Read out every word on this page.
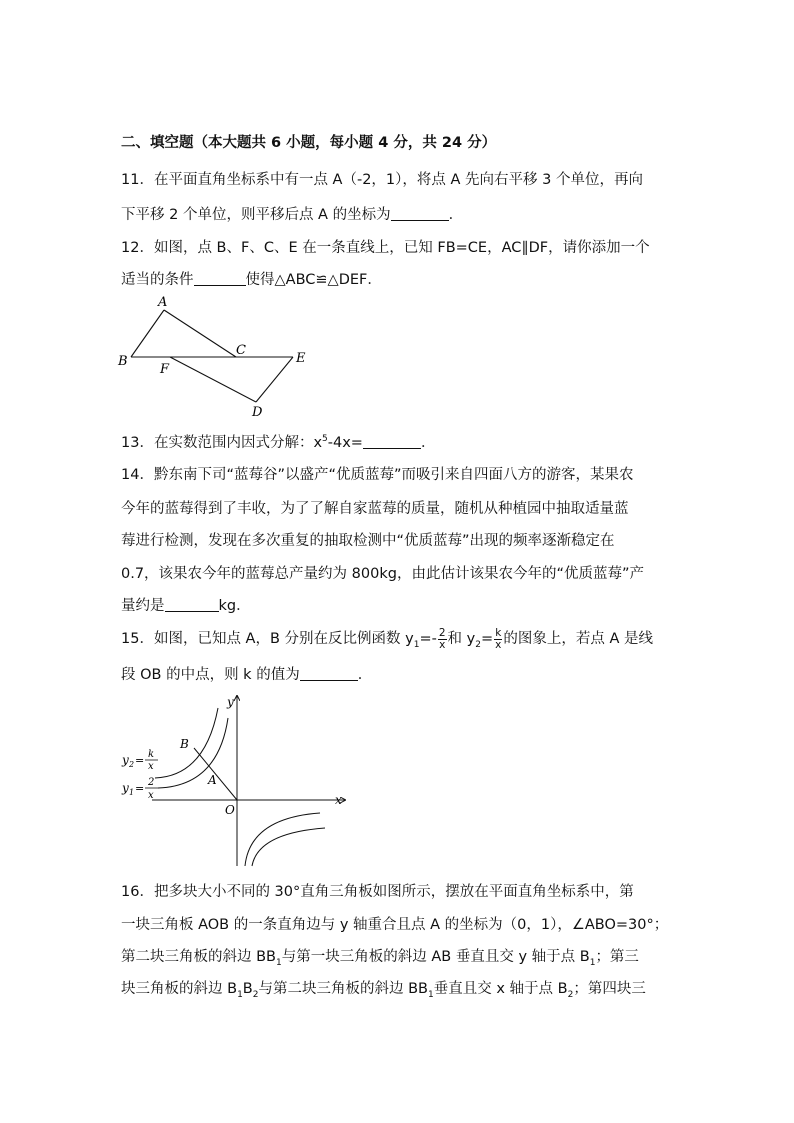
二、填空题（本大题共 6 小题，每小题 4 分，共 24 分）
11．在平面直角坐标系中有一点 A（-2，1），将点 A 先向右平移 3 个单位，再向
下平移 2 个单位，则平移后点 A 的坐标为	．
12．如图，点 B、F、C、E 在一条直线上，已知 FB=CE，AC∥DF，请你添加一个
适当的条件	使得△ABC≌△DEF．
A
B
C
E
F
D
13．在实数范围内因式分解：$x^5-4x=$	．
14．黔东南下司“蓝莓谷”以盛产“优质蓝莓”而吸引来自四面八方的游客，某果农
今年的蓝莓得到了丰收，为了了解自家蓝莓的质量，随机从种植园中抽取适量蓝
莓进行检测，发现在多次重复的抽取检测中“优质蓝莓”出现的频率逐渐稳定在
0.7，该果农今年的蓝莓总产量约为 800kg，由此估计该果农今年的“优质蓝莓”产
量约是	kg．
15．如图，已知点 A，B 分别在反比例函数 $y_1=- \frac{2}{x}$ 和 $y_2= \frac{k}{x}$ 的图象上，若点 A 是线
段 OB 的中点，则 k 的值为	．
y
x
O
A
B
y 2 = k
x
y 1 = 2
x
16．把多块大小不同的 30°直角三角板如图所示，摆放在平面直角坐标系中，第
一块三角板 AOB 的一条直角边与 y 轴重合且点 A 的坐标为（0，1），∠ABO=30°；
第二块三角板的斜边 $BB_1$与第一块三角板的斜边 AB 垂直且交 y 轴于点 $B_1$；第三
块三角板的斜边 $B_1B_2$与第二块三角板的斜边 $BB_1$垂直且交 x 轴于点 $B_2$；第四块三
